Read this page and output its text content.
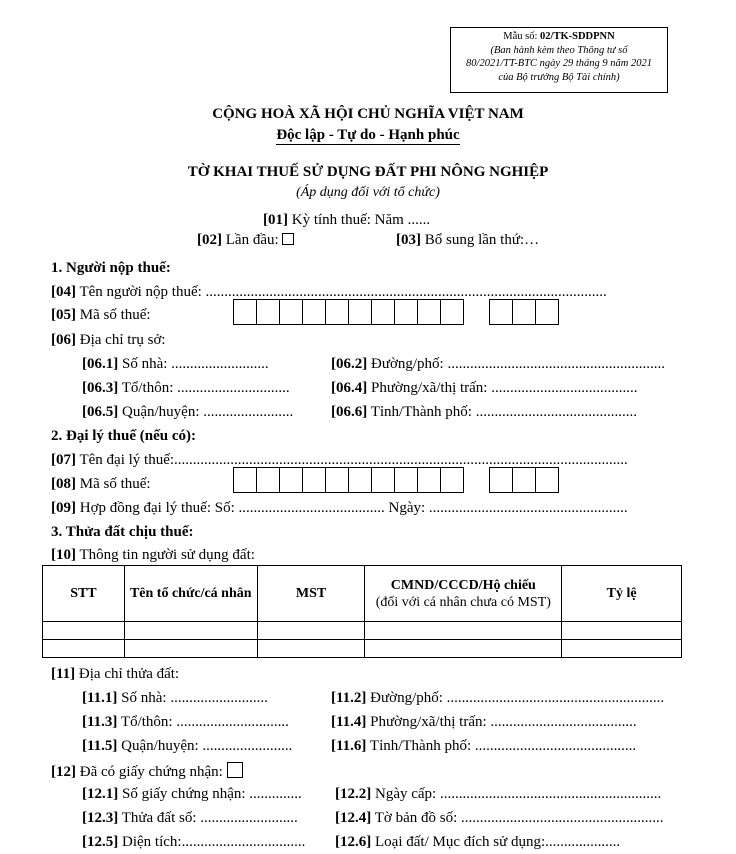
Mẫu số: 02/TK-SDDPNN
(Ban hành kèm theo Thông tư số
80/2021/TT-BTC ngày 29 tháng 9 năm 2021
của Bộ trưởng Bộ Tài chính)
CỘNG HOÀ XÃ HỘI CHỦ NGHĨA VIỆT NAM
Độc lập - Tự do - Hạnh phúc
TỜ KHAI THUẾ SỬ DỤNG ĐẤT PHI NÔNG NGHIỆP
(Áp dụng đối với tổ chức)
[01] Kỳ tính thuế: Năm ......
[02] Lần đầu:	[03] Bổ sung lần thứ:…
1. Người nộp thuế:
[04] Tên người nộp thuế: ...........................................................................................................
[05] Mã số thuế:
[06] Địa chỉ trụ sở:
[06.1] Số nhà: ..........................	[06.2] Đường/phố: ..........................................................
[06.3] Tổ/thôn: ..............................	[06.4] Phường/xã/thị trấn: .......................................
[06.5] Quận/huyện: ........................	[06.6] Tỉnh/Thành phố: ...........................................
2. Đại lý thuế (nếu có):
[07] Tên đại lý thuế:.........................................................................................................................
[08] Mã số thuế:
[09] Hợp đồng đại lý thuế: Số: ....................................... Ngày: .....................................................
3. Thửa đất chịu thuế:
[10] Thông tin người sử dụng đất:
STT	Tên tổ chức/cá nhân	MST	CMND/CCCD/Hộ chiếu
(đối với cá nhân chưa có MST)	Tỷ lệ

[11] Địa chỉ thửa đất:
[11.1] Số nhà: ..........................	[11.2] Đường/phố: ..........................................................
[11.3] Tổ/thôn: ..............................	[11.4] Phường/xã/thị trấn: .......................................
[11.5] Quận/huyện: ........................	[11.6] Tỉnh/Thành phố: ...........................................
[12] Đã có giấy chứng nhận:
[12.1] Số giấy chứng nhận: .............. [12.2] Ngày cấp: ...........................................................
[12.3] Thửa đất số: .......................... [12.4] Tờ bản đồ số: ......................................................
[12.5] Diện tích:................................. [12.6] Loại đất/ Mục đích sử dụng:....................
